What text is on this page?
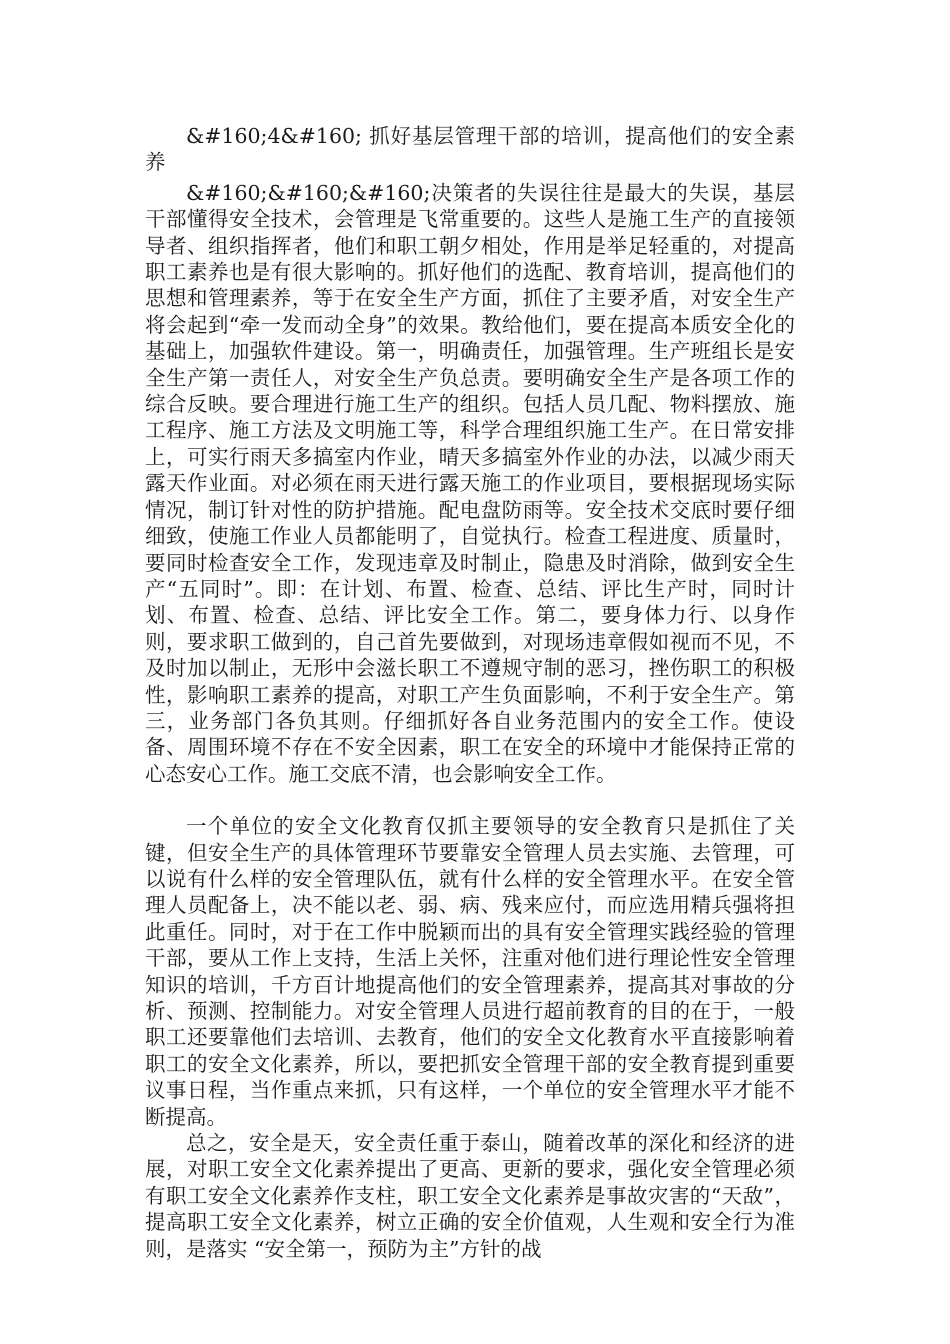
&#160;4&#160; 抓好基层管理干部的培训，提高他们的安全素养

&#160;&#160;&#160;决策者的失误往往是最大的失误，基层干部懂得安全技术，会管理是飞常重要的。这些人是施工生产的直接领导者、组织指挥者，他们和职工朝夕相处，作用是举足轻重的，对提高职工素养也是有很大影响的。抓好他们的选配、教育培训，提高他们的思想和管理素养，等于在安全生产方面，抓住了主要矛盾，对安全生产将会起到“牵一发而动全身”的效果。教给他们，要在提高本质安全化的基础上，加强软件建设。第一，明确责任，加强管理。生产班组长是安全生产第一责任人，对安全生产负总责。要明确安全生产是各项工作的综合反映。要合理进行施工生产的组织。包括人员几配、物料摆放、施工程序、施工方法及文明施工等，科学合理组织施工生产。在日常安排上，可实行雨天多搞室内作业，晴天多搞室外作业的办法，以减少雨天露天作业面。对必须在雨天进行露天施工的作业项目，要根据现场实际情况，制订针对性的防护措施。配电盘防雨等。安全技术交底时要仔细细致，使施工作业人员都能明了，自觉执行。检查工程进度、质量时，要同时检查安全工作，发现违章及时制止，隐患及时消除，做到安全生产“五同时”。即：在计划、布置、检查、总结、评比生产时，同时计划、布置、检查、总结、评比安全工作。第二，要身体力行、以身作则，要求职工做到的，自己首先要做到，对现场违章假如视而不见，不及时加以制止，无形中会滋长职工不遵规守制的恶习，挫伤职工的积极性，影响职工素养的提高，对职工产生负面影响，不利于安全生产。第三，业务部门各负其则。仔细抓好各自业务范围内的安全工作。使设备、周围环境不存在不安全因素，职工在安全的环境中才能保持正常的心态安心工作。施工交底不清，也会影响安全工作。

一个单位的安全文化教育仅抓主要领导的安全教育只是抓住了关键，但安全生产的具体管理环节要靠安全管理人员去实施、去管理，可以说有什么样的安全管理队伍，就有什么样的安全管理水平。在安全管理人员配备上，决不能以老、弱、病、残来应付，而应选用精兵强将担此重任。同时，对于在工作中脱颖而出的具有安全管理实践经验的管理干部，要从工作上支持，生活上关怀，注重对他们进行理论性安全管理知识的培训，千方百计地提高他们的安全管理素养，提高其对事故的分析、预测、控制能力。对安全管理人员进行超前教育的目的在于，一般职工还要靠他们去培训、去教育，他们的安全文化教育水平直接影响着职工的安全文化素养，所以，要把抓安全管理干部的安全教育提到重要议事日程，当作重点来抓，只有这样，一个单位的安全管理水平才能不断提高。

总之，安全是天，安全责任重于泰山，随着改革的深化和经济的进展，对职工安全文化素养提出了更高、更新的要求，强化安全管理必须有职工安全文化素养作支柱，职工安全文化素养是事故灾害的“天敌”，提高职工安全文化素养，树立正确的安全价值观，人生观和安全行为准则，是落实 “安全第一，预防为主”方针的战
